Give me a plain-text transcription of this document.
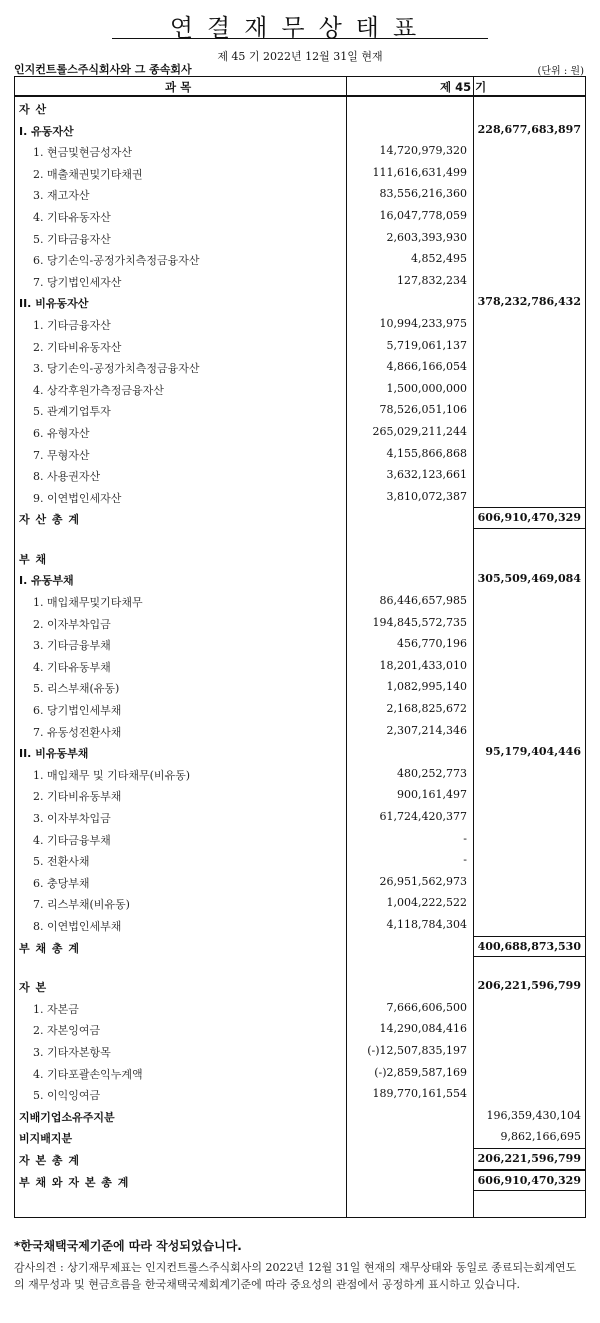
연결재무상태표
제 45 기 2022년 12월 31일 현재
인지컨트롤스주식회사와 그 종속회사	(단위 : 원)
과 목	제 45 기
자 산
I. 유동자산	228,677,683,897
1. 현금및현금성자산	14,720,979,320
2. 매출채권및기타채권	111,616,631,499
3. 재고자산	83,556,216,360
4. 기타유동자산	16,047,778,059
5. 기타금융자산	2,603,393,930
6. 당기손익-공정가치측정금융자산	4,852,495
7. 당기법인세자산	127,832,234
II. 비유동자산	378,232,786,432
1. 기타금융자산	10,994,233,975
2. 기타비유동자산	5,719,061,137
3. 당기손익-공정가치측정금융자산	4,866,166,054
4. 상각후원가측정금융자산	1,500,000,000
5. 관계기업투자	78,526,051,106
6. 유형자산	265,029,211,244
7. 무형자산	4,155,866,868
8. 사용권자산	3,632,123,661
9. 이연법인세자산	3,810,072,387
자 산 총 계	606,910,470,329
부 채
I. 유동부채	305,509,469,084
1. 매입채무및기타채무	86,446,657,985
2. 이자부차입금	194,845,572,735
3. 기타금융부채	456,770,196
4. 기타유동부채	18,201,433,010
5. 리스부채(유동)	1,082,995,140
6. 당기법인세부채	2,168,825,672
7. 유동성전환사채	2,307,214,346
II. 비유동부채	95,179,404,446
1. 매입채무 및 기타채무(비유동)	480,252,773
2. 기타비유동부채	900,161,497
3. 이자부차입금	61,724,420,377
4. 기타금융부채	-
5. 전환사채	-
6. 충당부채	26,951,562,973
7. 리스부채(비유동)	1,004,222,522
8. 이연법인세부채	4,118,784,304
부 채 총 계	400,688,873,530
자 본	206,221,596,799
1. 자본금	7,666,606,500
2. 자본잉여금	14,290,084,416
3. 기타자본항목	(-)12,507,835,197
4. 기타포괄손익누계액	(-)2,859,587,169
5. 이익잉여금	189,770,161,554
지배기업소유주지분	196,359,430,104
비지배지분	9,862,166,695
자 본 총 계	206,221,596,799
부 채 와 자 본 총 계	606,910,470,329
*한국채택국제기준에 따라 작성되었습니다.
감사의견 : 상기재무제표는 인지컨트롤스주식회사의 2022년 12월 31일 현재의 재무상태와 동일로 종료되는회계연도의 재무성과 및 현금흐름을 한국채택국제회계기준에 따라 중요성의 관점에서 공정하게 표시하고 있습니다.
